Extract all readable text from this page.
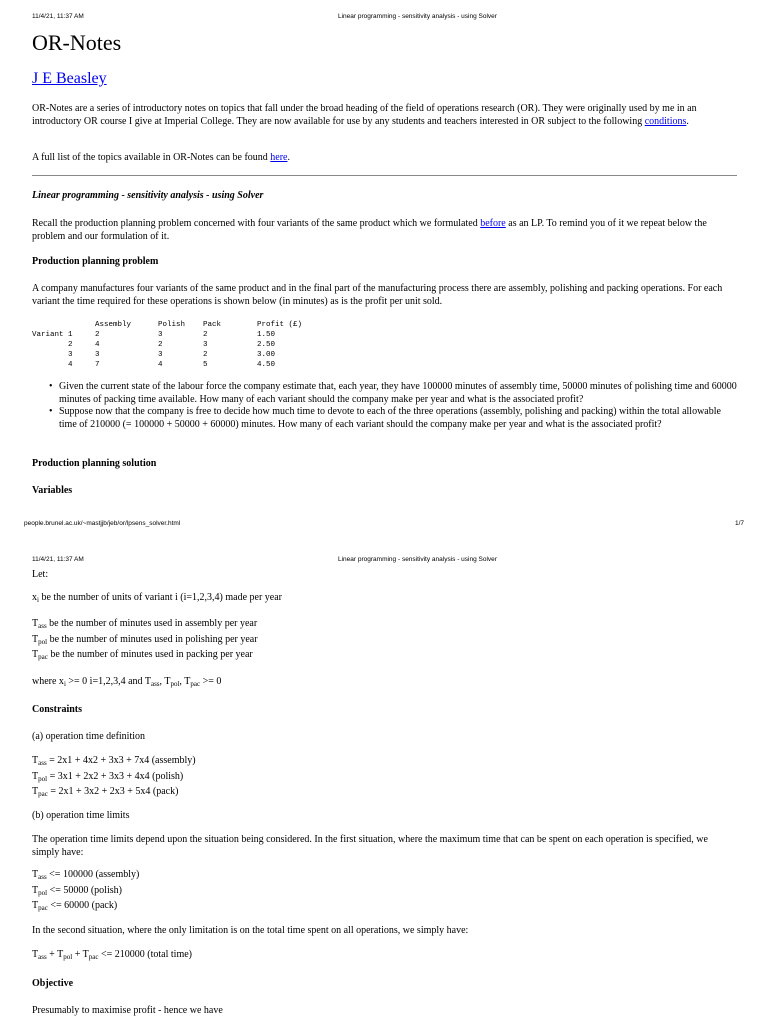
11/4/21, 11:37 AM	Linear programming - sensitivity analysis - using Solver
OR-Notes
J E Beasley

OR-Notes are a series of introductory notes on topics that fall under the broad heading of the field of operations research (OR). They were originally used by me in an introductory OR course I give at Imperial College. They are now available for use by any students and teachers interested in OR subject to the following conditions.

A full list of the topics available in OR-Notes can be found here.

Linear programming - sensitivity analysis - using Solver

Recall the production planning problem concerned with four variants of the same product which we formulated before as an LP. To remind you of it we repeat below the problem and our formulation of it.

Production planning problem

A company manufactures four variants of the same product and in the final part of the manufacturing process there are assembly, polishing and packing operations. For each variant the time required for these operations is shown below (in minutes) as is the profit per unit sold.

Assembly      Polish    Pack        Profit (£)
Variant 1     2             3         2           1.50
2     4             2         3           2.50
3     3             3         2           3.00
4     7             4         5           4.50
• Given the current state of the labour force the company estimate that, each year, they have 100000 minutes of assembly time, 50000 minutes of polishing time and 60000 minutes of packing time available. How many of each variant should the company make per year and what is the associated profit?
• Suppose now that the company is free to decide how much time to devote to each of the three operations (assembly, polishing and packing) within the total allowable time of 210000 (= 100000 + 50000 + 60000) minutes. How many of each variant should the company make per year and what is the associated profit?

Production planning solution

Variables

people.brunel.ac.uk/~mastjjb/jeb/or/lpsens_solver.html	1/7
11/4/21, 11:37 AM	Linear programming - sensitivity analysis - using Solver

Let:

$x_i$ be the number of units of variant i (i=1,2,3,4) made per year

$T_{ass}$ be the number of minutes used in assembly per year
$T_{pol}$ be the number of minutes used in polishing per year
$T_{pac}$ be the number of minutes used in packing per year

where $x_i >= 0$ i=1,2,3,4 and $T_{ass}$, $T_{pol}$, $T_{pac} >= 0$

Constraints

(a) operation time definition

$T_{ass} = 2x1 + 4x2 + 3x3 + 7x4$ (assembly)
$T_{pol} = 3x1 + 2x2 + 3x3 + 4x4$ (polish)
$T_{pac} = 2x1 + 3x2 + 2x3 + 5x4$ (pack)

(b) operation time limits

The operation time limits depend upon the situation being considered. In the first situation, where the maximum time that can be spent on each operation is specified, we simply have:

$T_{ass} <= 100000$ (assembly)
$T_{pol} <= 50000$ (polish)
$T_{pac} <= 60000$ (pack)

In the second situation, where the only limitation is on the total time spent on all operations, we simply have:

$T_{ass} + T_{pol} + T_{pac} <= 210000$ (total time)

Objective

Presumably to maximise profit - hence we have
